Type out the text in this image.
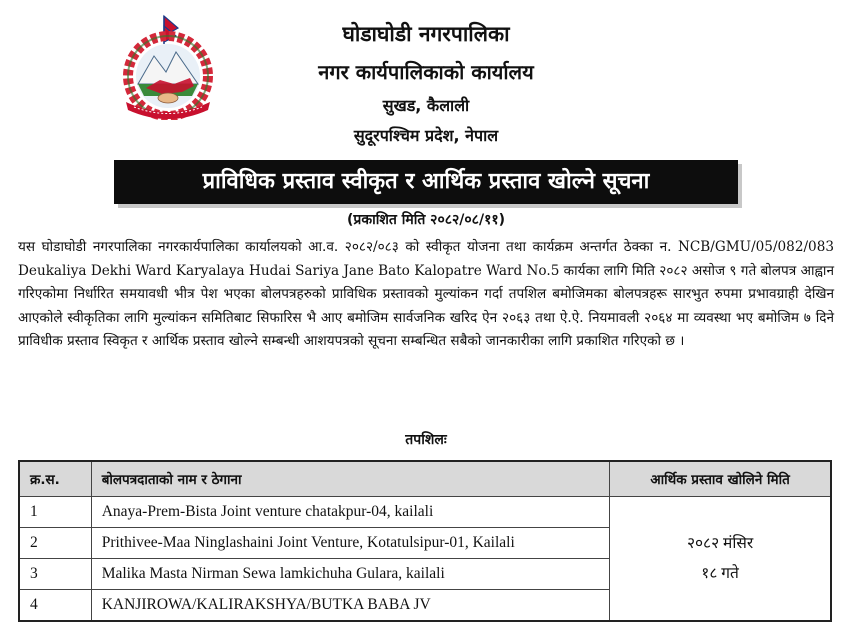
घोडाघोडी नगरपालिका
नगर कार्यपालिकाको कार्यालय
सुखड, कैलाली
सुदूरपश्चिम प्रदेश, नेपाल
प्राविधिक प्रस्ताव स्वीकृत र आर्थिक प्रस्ताव खोल्ने सूचना
(प्रकाशित मिति २०८२/०८/११)
यस घोडाघोडी नगरपालिका नगरकार्यपालिका कार्यालयको आ.व. २०८२/०८३ को स्वीकृत योजना तथा कार्यक्रम अन्तर्गत ठेक्का न. NCB/GMU/05/082/083 Deukaliya Dekhi Ward Karyalaya Hudai Sariya Jane Bato Kalopatre Ward No.5 कार्यका लागि मिति २०८२ असोज ९ गते बोलपत्र आह्वान गरिएकोमा निर्धारित समयावधी भीत्र पेश भएका बोलपत्रहरुको प्राविधिक प्रस्तावको मुल्यांकन गर्दा तपशिल बमोजिमका बोलपत्रहरू सारभुत रुपमा प्रभावग्राही देखिन आएकोले स्वीकृतिका लागि मुल्यांकन समितिबाट सिफारिस भै आए बमोजिम सार्वजनिक खरिद ऐन २०६३ तथा ऐ.ऐ. नियमावली २०६४ मा व्यवस्था भए बमोजिम ७ दिने प्राविधीक प्रस्ताव स्विकृत र आर्थिक प्रस्ताव खोल्ने सम्बन्धी आशयपत्रको सूचना सम्बन्धित सबैको जानकारीका लागि प्रकाशित गरिएको छ ।
तपशिलः
क्र.स.	बोलपत्रदाताको नाम र ठेगाना	आर्थिक प्रस्ताव खोलिने मिति
1	Anaya-Prem-Bista Joint venture chatakpur-04, kailali	२०८२ मंसिर
१८ गते

2	Prithivee-Maa Ninglashaini Joint Venture, Kotatulsipur-01, Kailali	
3	Malika Masta Nirman Sewa lamkichuha Gulara, kailali	
4	KANJIROWA/KALIRAKSHYA/BUTKA BABA JV	
